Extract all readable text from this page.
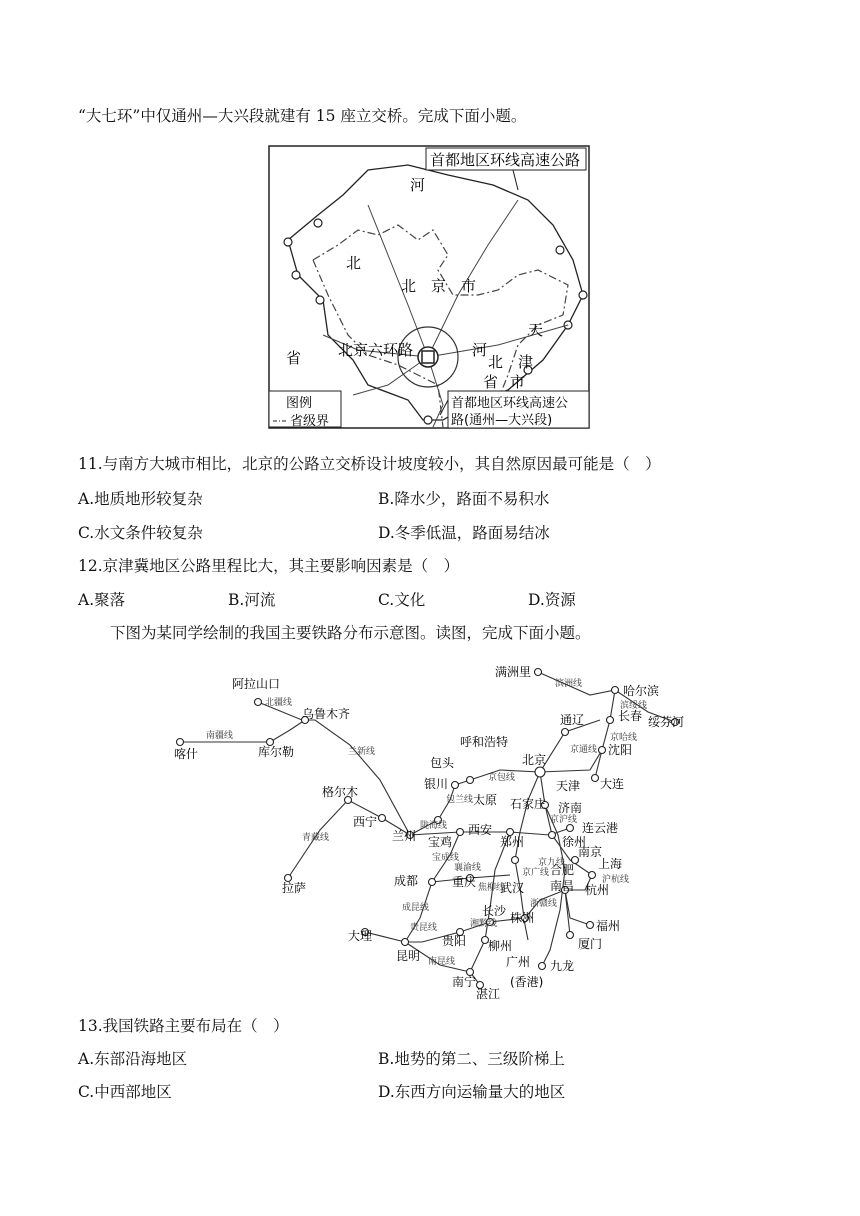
“大七环”中仅通州—大兴段就建有 15 座立交桥。完成下面小题。
首都地区环线高速公路
河
北
省
北　京　市
北京六环路
天
津
市
河
北
省
图例
省级界
首都地区环线高速公
路(通州—大兴段)
11.与南方大城市相比，北京的公路立交桥设计坡度较小，其自然原因最可能是（　）
A.地质地形较复杂	B.降水少，路面不易积水
C.水文条件较复杂	D.冬季低温，路面易结冰
12.京津冀地区公路里程比大，其主要影响因素是（　）
A.聚落	B.河流	C.文化	D.资源
下图为某同学绘制的我国主要铁路分布示意图。读图，完成下面小题。
满洲里
哈尔滨
绥芬河
长春
沈阳
大连
通辽
呼和浩特
包头	北京
天津
太原 石家庄 济南
银川
阿拉山口
乌鲁木齐
喀什	库尔勒
格尔木
西宁
兰州	西安
宝鸡	郑州
连云港
徐州
南京
上海
合肥
杭州
南昌
武汉
成都	重庆
长沙 株洲
贵阳
昆明
大理
柳州
南宁
湛江
广州 九龙
(香港)
福州
厦门
拉萨
滨洲线
滨绥线
京哈线
京通线
京包线
包兰线
北疆线
南疆线
兰新线
青藏线
陇海线
京沪线
京广线
京九线
沪杭线
浙赣线
宝成线
成昆线
焦柳线
湘黔线
贵昆线
南昆线
襄渝线
13.我国铁路主要布局在（　）
A.东部沿海地区	B.地势的第二、三级阶梯上
C.中西部地区	D.东西方向运输量大的地区
